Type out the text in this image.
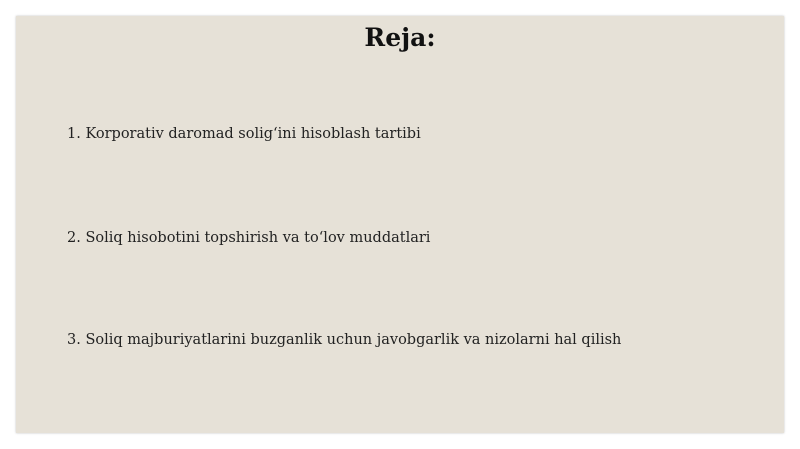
Reja:
1. Korporativ daromad solig‘ini hisoblash tartibi
2. Soliq hisobotini topshirish va to‘lov muddatlari
3. Soliq majburiyatlarini buzganlik uchun javobgarlik va nizolarni hal qilish
